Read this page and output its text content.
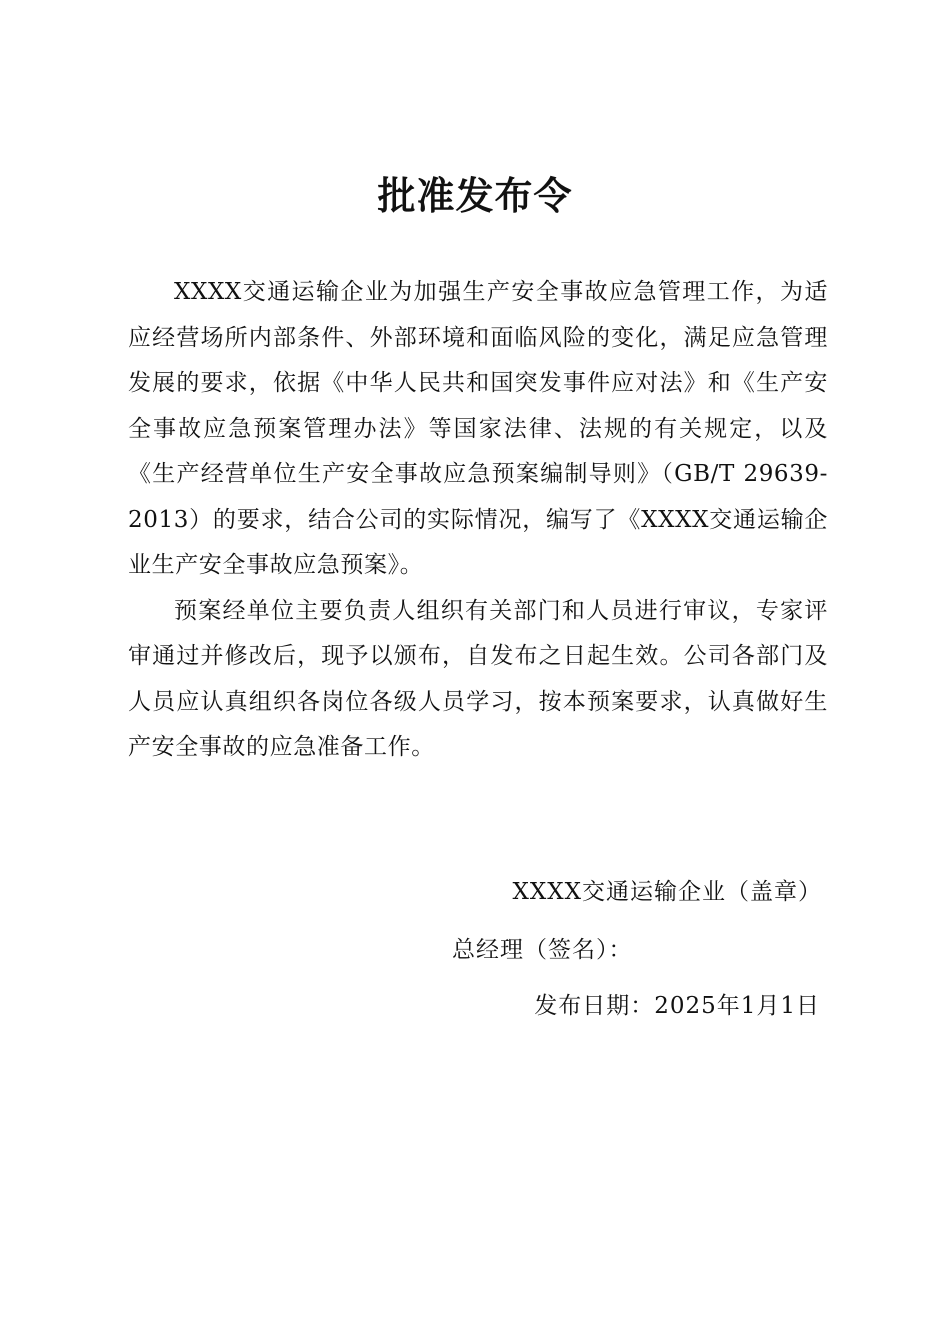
批准发布令

XXXX交通运输企业为加强生产安全事故应急管理工作，为适应经营场所内部条件、外部环境和面临风险的变化，满足应急管理发展的要求，依据《中华人民共和国突发事件应对法》和《生产安全事故应急预案管理办法》等国家法律、法规的有关规定，以及《生产经营单位生产安全事故应急预案编制导则》（GB/T 29639-2013）的要求，结合公司的实际情况，编写了《XXXX交通运输企业生产安全事故应急预案》。

预案经单位主要负责人组织有关部门和人员进行审议，专家评审通过并修改后，现予以颁布，自发布之日起生效。公司各部门及人员应认真组织各岗位各级人员学习，按本预案要求，认真做好生产安全事故的应急准备工作。

XXXX交通运输企业（盖章）
总经理（签名）：
发布日期：2025年1月1日
